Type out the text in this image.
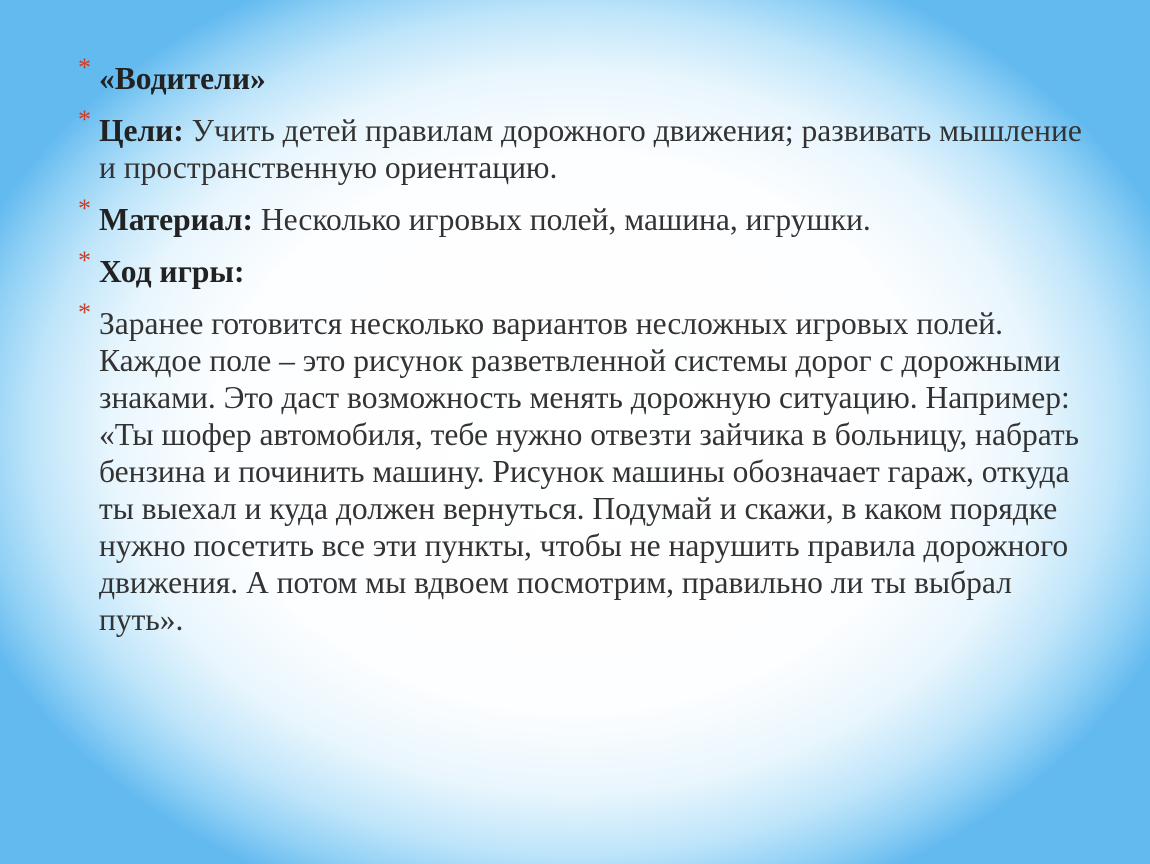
* «Водители»
* Цели: Учить детей правилам дорожного движения; развивать мышление и пространственную ориентацию.
* Материал: Несколько игровых полей, машина, игрушки.
* Ход игры:
* Заранее готовится несколько вариантов несложных игровых полей. Каждое поле – это рисунок разветвленной системы дорог с дорожными знаками. Это даст возможность менять дорожную ситуацию. Например: «Ты шофер автомобиля, тебе нужно отвезти зайчика в больницу, набрать бензина и починить машину. Рисунок машины обозначает гараж, откуда ты выехал и куда должен вернуться. Подумай и скажи, в каком порядке нужно посетить все эти пункты, чтобы не нарушить правила дорожного движения. А потом мы вдвоем посмотрим, правильно ли ты выбрал путь».
